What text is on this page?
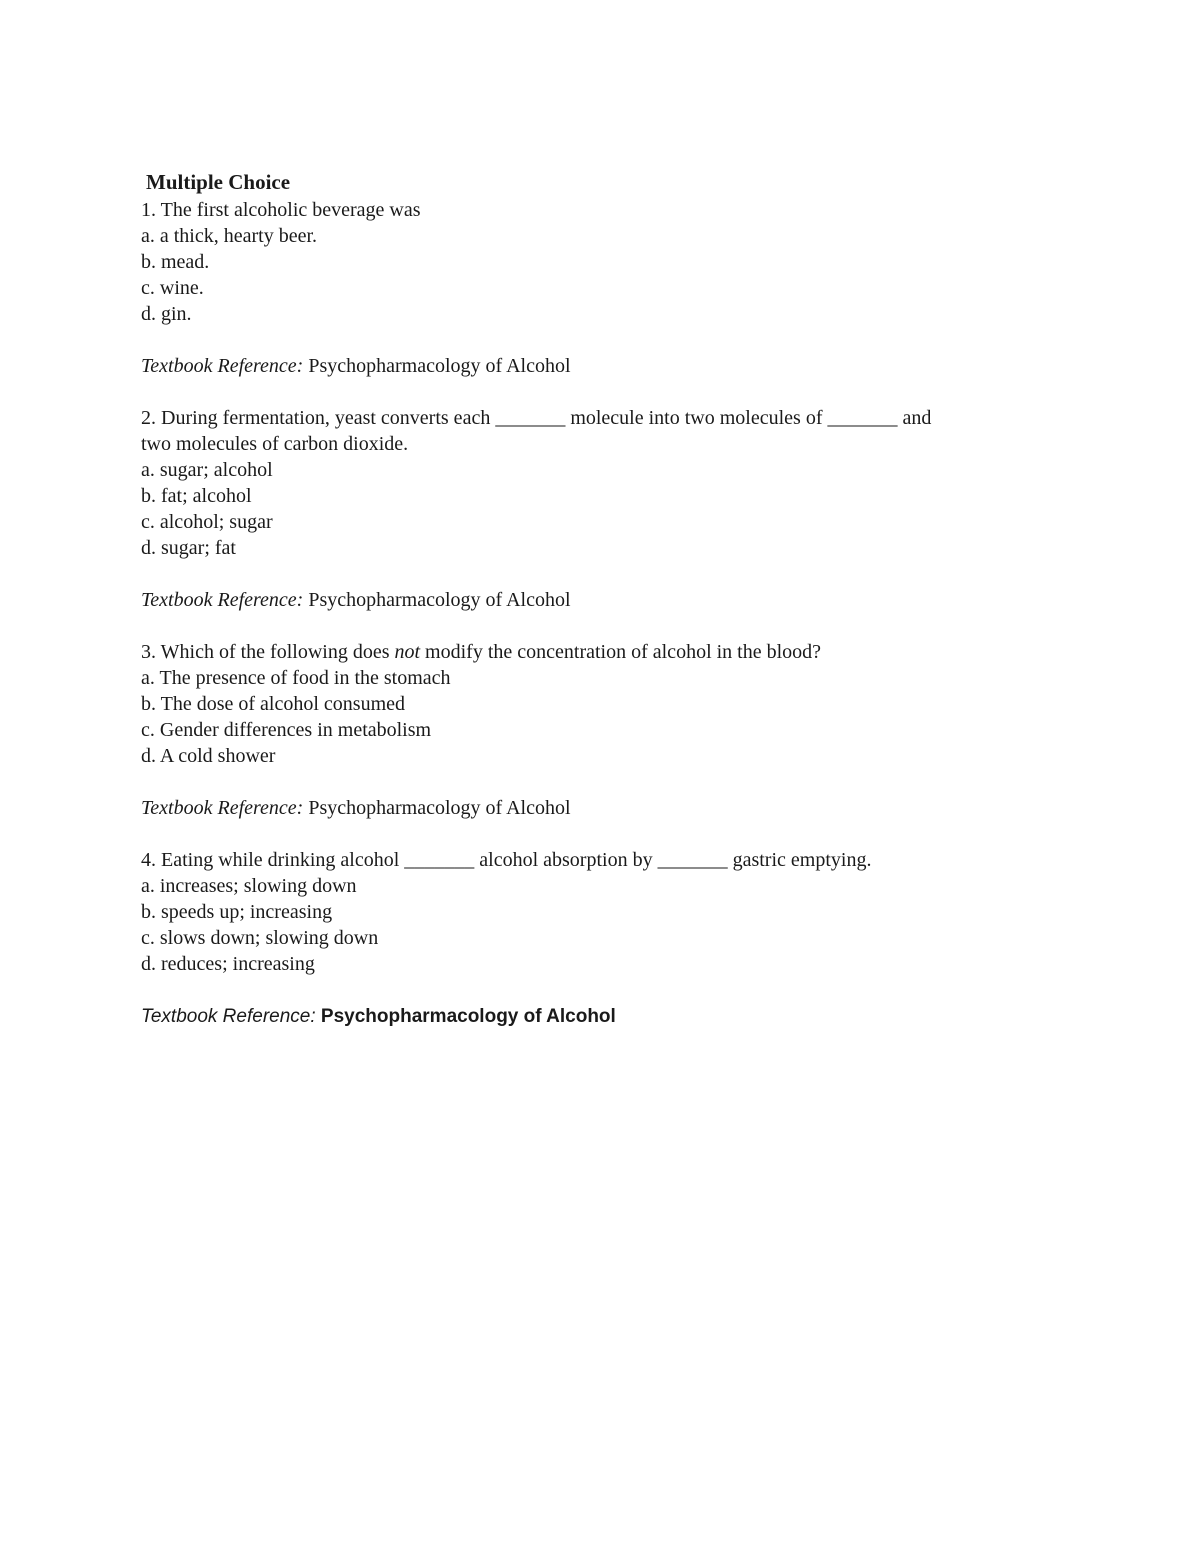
Multiple Choice
1. The first alcoholic beverage was
a. a thick, hearty beer.
b. mead.
c. wine.
d. gin.
Textbook Reference: Psychopharmacology of Alcohol
2. During fermentation, yeast converts each _______ molecule into two molecules of _______ and
two molecules of carbon dioxide.
a. sugar; alcohol
b. fat; alcohol
c. alcohol; sugar
d. sugar; fat
Textbook Reference: Psychopharmacology of Alcohol
3. Which of the following does not modify the concentration of alcohol in the blood?
a. The presence of food in the stomach
b. The dose of alcohol consumed
c. Gender differences in metabolism
d. A cold shower
Textbook Reference: Psychopharmacology of Alcohol
4. Eating while drinking alcohol _______ alcohol absorption by _______ gastric emptying.
a. increases; slowing down
b. speeds up; increasing
c. slows down; slowing down
d. reduces; increasing
Textbook Reference: Psychopharmacology of Alcohol
